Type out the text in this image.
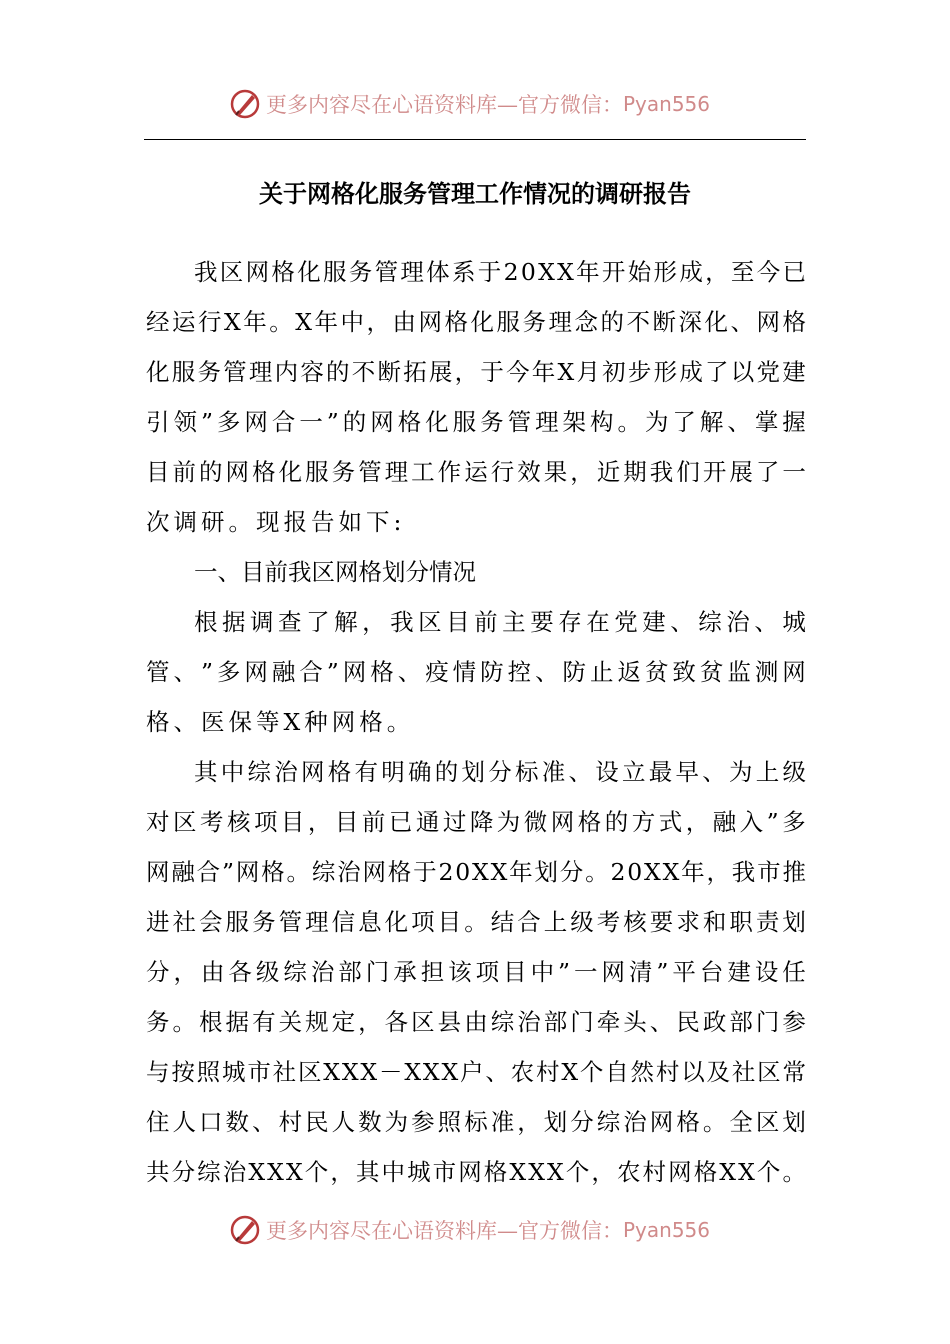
更多内容尽在心语资料库—官方微信： Pyan556
关于网格化服务管理工作情况的调研报告
我 区 网 格 化 服 务 管 理 体 系 于 2 0 X X 年 开 始 形 成 ， 至 今 已
经 运 行 X 年 。 X 年 中 ， 由 网 格 化 服 务 理 念 的 不 断 深 化 、 网 格
化 服 务 管 理 内 容 的 不 断 拓 展 ， 于 今 年 X 月 初 步 形 成 了 以 党 建
引 领 ” 多 网 合 一 ” 的 网 格 化 服 务 管 理 架 构 。 为 了 解 、 掌 握
目 前 的 网 格 化 服 务 管 理 工 作 运 行 效 果 ， 近 期 我 们 开 展 了 一
次调研。现报告如下:
一、目前我区网格划分情况
根 据 调 查 了 解 ， 我 区 目 前 主 要 存 在 党 建 、 综 治 、 城
管 、 ” 多 网 融 合 ” 网 格 、 疫 情 防 控 、 防 止 返 贫 致 贫 监 测 网
格、医保等X种网格。
其 中 综 治 网 格 有 明 确 的 划 分 标 准 、 设 立 最 早 、 为 上 级
对 区 考 核 项 目 ， 目 前 已 通 过 降 为 微 网 格 的 方 式 ， 融 入 ” 多
网 融 合 ” 网 格 。 综 治 网 格 于 2 0 X X 年 划 分 。 2 0 X X 年 ， 我 市 推
进 社 会 服 务 管 理 信 息 化 项 目 。 结 合 上 级 考 核 要 求 和 职 责 划
分 ， 由 各 级 综 治 部 门 承 担 该 项 目 中 ” 一 网 清 ” 平 台 建 设 任
务 。 根 据 有 关 规 定 ， 各 区 县 由 综 治 部 门 牵 头 、 民 政 部 门 参
与 按 照 城 市 社 区 X X X － X X X 户 、 农 村 X 个 自 然 村 以 及 社 区 常
住 人 口 数 、 村 民 人 数 为 参 照 标 准 ， 划 分 综 治 网 格 。 全 区 划
共 分 综 治 X X X 个 ， 其 中 城 市 网 格 X X X 个 ， 农 村 网 格 X X 个 。
更多内容尽在心语资料库—官方微信： Pyan556
